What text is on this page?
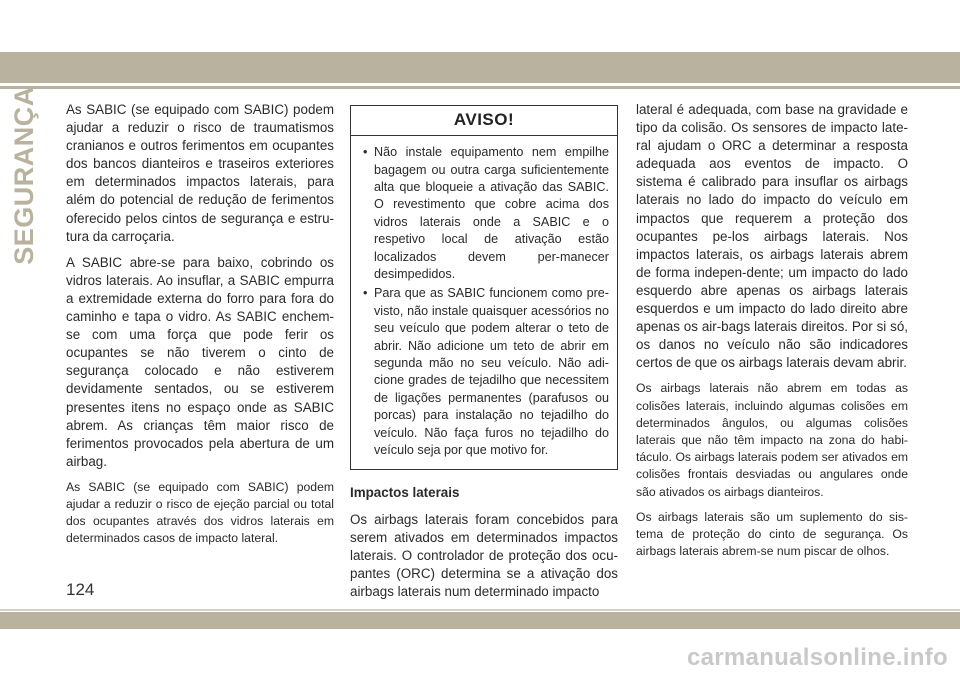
SEGURANÇA As SABIC (se equipado com SABIC) podem ajudar a reduzir o risco de traumatismos cranianos e outros ferimentos em ocupantes dos bancos dianteiros e traseiros exteriores em determinados impactos laterais, para além do potencial de redução de ferimentos oferecido pelos cintos de segurança e estru-tura da carroçaria.

A SABIC abre-se para baixo, cobrindo os vidros laterais. Ao insuflar, a SABIC empurra a extremidade externa do forro para fora do caminho e tapa o vidro. As SABIC enchem-se com uma força que pode ferir os ocupantes se não tiverem o cinto de segurança colocado e não estiverem devidamente sentados, ou se estiverem presentes itens no espaço onde as SABIC abrem. As crianças têm maior risco de ferimentos provocados pela abertura de um airbag.

As SABIC (se equipado com SABIC) podem ajudar a reduzir o risco de ejeção parcial ou total dos ocupantes através dos vidros laterais em determinados casos de impacto lateral.

AVISO!
• Não instale equipamento nem empilhe bagagem ou outra carga suficientemente alta que bloqueie a ativação das SABIC. O revestimento que cobre acima dos vidros laterais onde a SABIC e o respetivo local de ativação estão localizados devem per-manecer desimpedidos.
• Para que as SABIC funcionem como pre-visto, não instale quaisquer acessórios no seu veículo que podem alterar o teto de abrir. Não adicione um teto de abrir em segunda mão no seu veículo. Não adi-cione grades de tejadilho que necessitem de ligações permanentes (parafusos ou porcas) para instalação no tejadilho do veículo. Não faça furos no tejadilho do veículo seja por que motivo for.

Impactos laterais

Os airbags laterais foram concebidos para serem ativados em determinados impactos laterais. O controlador de proteção dos ocu-pantes (ORC) determina se a ativação dos airbags laterais num determinado impacto

lateral é adequada, com base na gravidade e tipo da colisão. Os sensores de impacto late-ral ajudam o ORC a determinar a resposta adequada aos eventos de impacto. O sistema é calibrado para insuflar os airbags laterais no lado do impacto do veículo em impactos que requerem a proteção dos ocupantes pe-los airbags laterais. Nos impactos laterais, os airbags laterais abrem de forma indepen-dente; um impacto do lado esquerdo abre apenas os airbags laterais esquerdos e um impacto do lado direito abre apenas os air-bags laterais direitos. Por si só, os danos no veículo não são indicadores certos de que os airbags laterais devam abrir.

Os airbags laterais não abrem em todas as colisões laterais, incluindo algumas colisões em determinados ângulos, ou algumas colisões laterais que não têm impacto na zona do habi-táculo. Os airbags laterais podem ser ativados em colisões frontais desviadas ou angulares onde são ativados os airbags dianteiros.

Os airbags laterais são um suplemento do sis-tema de proteção do cinto de segurança. Os airbags laterais abrem-se num piscar de olhos.

124
carmanualsonline.info
